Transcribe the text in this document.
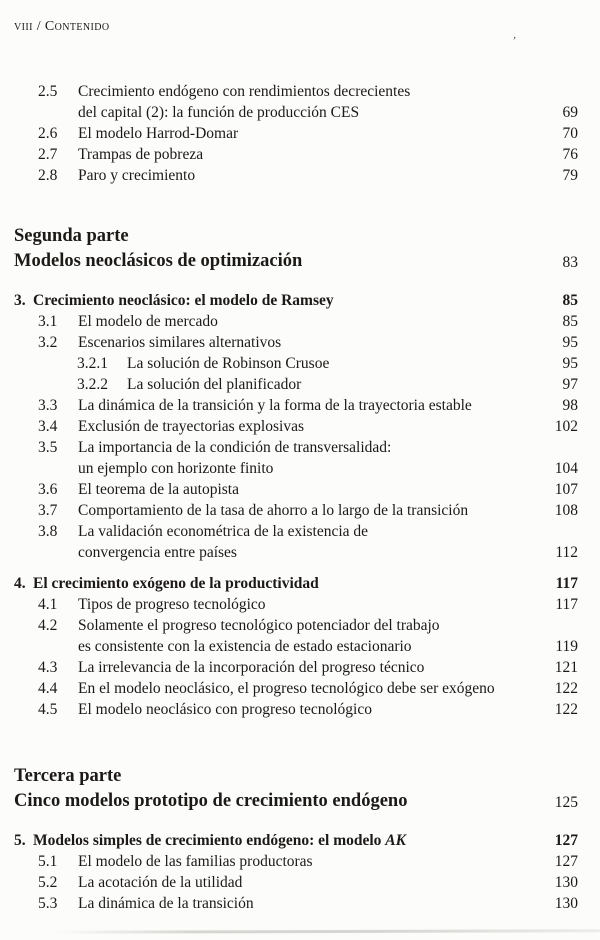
viii / Contenido
2.5	Crecimiento endógeno con rendimientos decrecientes
del capital (2): la función de producción CES	69
2.6	El modelo Harrod-Domar	70
2.7	Trampas de pobreza	76
2.8	Paro y crecimiento	79
Segunda parte
Modelos neoclásicos de optimización	83
3. Crecimiento neoclásico: el modelo de Ramsey	85
3.1	El modelo de mercado	85
3.2	Escenarios similares alternativos	95
3.2.1	La solución de Robinson Crusoe	95
3.2.2	La solución del planificador	97
3.3	La dinámica de la transición y la forma de la trayectoria estable	98
3.4	Exclusión de trayectorias explosivas	102
3.5	La importancia de la condición de transversalidad:
un ejemplo con horizonte finito	104
3.6	El teorema de la autopista	107
3.7	Comportamiento de la tasa de ahorro a lo largo de la transición	108
3.8	La validación econométrica de la existencia de
convergencia entre países	112
4. El crecimiento exógeno de la productividad	117
4.1	Tipos de progreso tecnológico	117
4.2	Solamente el progreso tecnológico potenciador del trabajo
es consistente con la existencia de estado estacionario	119
4.3	La irrelevancia de la incorporación del progreso técnico	121
4.4	En el modelo neoclásico, el progreso tecnológico debe ser exógeno	122
4.5	El modelo neoclásico con progreso tecnológico	122
Tercera parte
Cinco modelos prototipo de crecimiento endógeno	125
5. Modelos simples de crecimiento endógeno: el modelo AK	127
5.1	El modelo de las familias productoras	127
5.2	La acotación de la utilidad	130
5.3	La dinámica de la transición	130
’
